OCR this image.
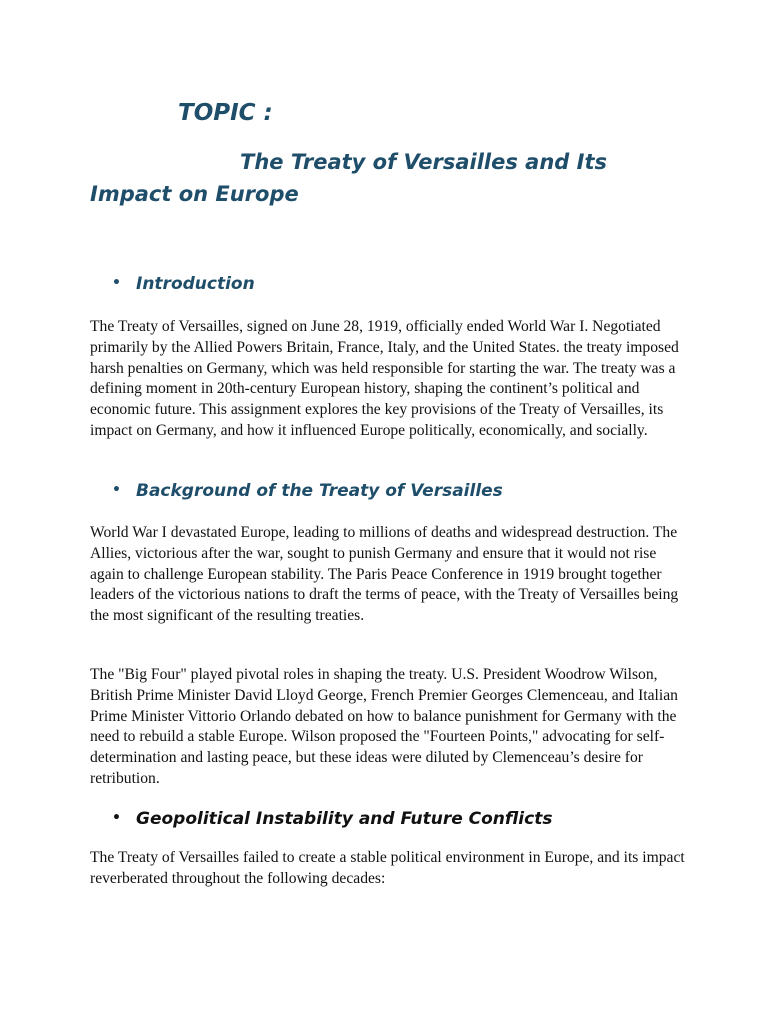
TOPIC :
The Treaty of Versailles and Its Impact on Europe
• Introduction

The Treaty of Versailles, signed on June 28, 1919, officially ended World War I. Negotiated primarily by the Allied Powers Britain, France, Italy, and the United States. the treaty imposed harsh penalties on Germany, which was held responsible for starting the war. The treaty was a defining moment in 20th-century European history, shaping the continent’s political and economic future. This assignment explores the key provisions of the Treaty of Versailles, its impact on Germany, and how it influenced Europe politically, economically, and socially.

• Background of the Treaty of Versailles

World War I devastated Europe, leading to millions of deaths and widespread destruction. The Allies, victorious after the war, sought to punish Germany and ensure that it would not rise again to challenge European stability. The Paris Peace Conference in 1919 brought together leaders of the victorious nations to draft the terms of peace, with the Treaty of Versailles being the most significant of the resulting treaties.

The "Big Four" played pivotal roles in shaping the treaty. U.S. President Woodrow Wilson, British Prime Minister David Lloyd George, French Premier Georges Clemenceau, and Italian Prime Minister Vittorio Orlando debated on how to balance punishment for Germany with the need to rebuild a stable Europe. Wilson proposed the "Fourteen Points," advocating for self-determination and lasting peace, but these ideas were diluted by Clemenceau’s desire for retribution.

• Geopolitical Instability and Future Conflicts

The Treaty of Versailles failed to create a stable political environment in Europe, and its impact reverberated throughout the following decades:
